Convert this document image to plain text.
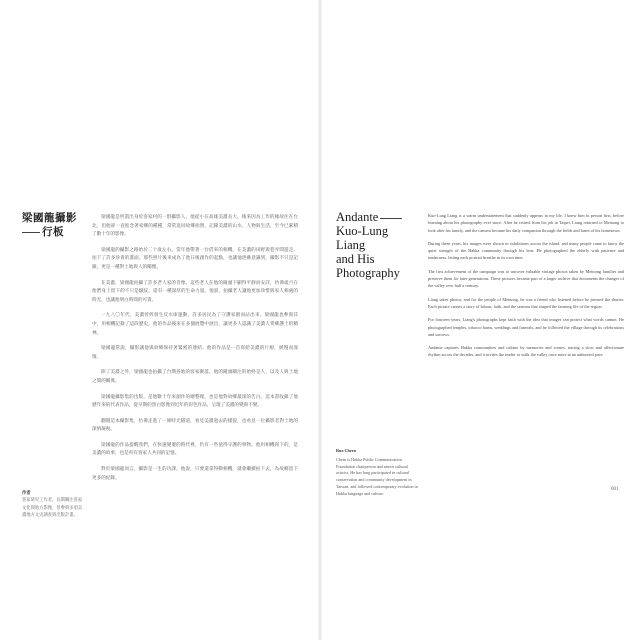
梁國龍攝影
行板

梁國龍是所謂出身於客家村的一群攝影人。他從小在高雄美濃長大，後來因為工作的緣故住在台北，但他卻一直惦念著家鄉的種種，常常返回故鄉拍照，記錄美濃的山水、人物與生活，至今已累積了數十年的影像。

梁國龍的攝影之路始於二十歲左右。當年他帶著一台借來的相機，在美濃的田野與巷弄間遊走，拍下了許多珍貴的畫面。那些照片後來成為了他日後創作的起點，也讓他逐漸意識到，攝影不只是記錄，更是一種對土地與人的關懷。

在美濃，梁國龍拍攝了許多老人家的肖像。這些老人在他的鏡頭下顯得平靜而安詳，彷彿歲月在他們身上留下的不只是皺紋，還有一種深厚的生命力量。他說，拍攝老人讓他更加珍惜與家人相處的時光，也讓他明白時間的可貴。

一九八〇年代，美濃曾經發生反水庫運動，許多居民為了守護家園而站出來。梁國龍也參與其中，用相機記錄了這段歷史。他的作品後來在多個展覽中展出，讓更多人認識了美濃人愛鄉護土的精神。

梁國龍常說，攝影讓他與故鄉保持著緊密的連結。他的作品是一首寫給美濃的行板，緩慢而深情。

除了美濃之外，梁國龍也拍攝了台灣各地的客家聚落。他的鏡頭關注的始終是人，以及人與土地之間的關係。

梁國龍攝影集的出版，是他數十年來創作的總整理，也是他對故鄉最深的告白。這本書收錄了他歷年來的代表作品，從早期的黑白影像到近年的彩色作品，呈現了美濃的變與不變。

翻開這本攝影集，彷彿走進了一條時光隧道，看見美濃過去的樣貌，也看見一位攝影者對土地的深情凝視。

梁國龍的作品提醒我們，在快速變遷的時代裡，仍有一些值得守護的事物。他用相機寫下的，是美濃的故事，也是所有客家人共同的記憶。

對於梁國龍而言，攝影是一生的功課。他說，只要還拿得動相機，就會繼續拍下去，為故鄉留下更多的紀錄。

作者
客家研究工作者，長期關注客家文化與地方影像，曾參與多項美濃地方文史調查與出版計畫。
Andante
Kuo-Lung Liang
and His
Photography

Kuo-Lung Liang is a warm understatement that suddenly appears in my life. I knew him in person first, before learning about his photography ever since. After he retired from his job in Taipei, Liang returned to Meinong to look after his family, and the camera became his daily companion through the fields and lanes of his hometown.

During these years, his images were shown in exhibitions across the island, and many people came to know the quiet strength of the Hakka community through his lens. He photographed the elderly with patience and tenderness, letting each portrait breathe in its own time.

The first achievement of the campaign was to uncover valuable vintage photos taken by Meinong families and preserve them for later generations. These pictures became part of a larger archive that documents the changes of the valley over half a century.

Liang takes photos, and for the people of Meinong, he was a friend who listened before he pressed the shutter. Each picture carries a story of labour, faith, and the seasons that shaped the farming life of the region.

For fourteen years, Liang's photographs kept faith with the idea that images can protect what words cannot. He photographed temples, tobacco barns, weddings and funerals, and he followed the village through its celebrations and sorrows.

Andante captures Hakka communities and culture by memories and scenes, tracing a slow and affectionate rhythm across the decades, and it invites the reader to walk the valley once more at an unhurried pace.

Ruo Chern
Chern is Hakka Public Communication Foundation chairperson and senior cultural activist. He has long participated in cultural conservation and community development in Taiwan, and followed contemporary evolution in Hakka language and culture.
001
